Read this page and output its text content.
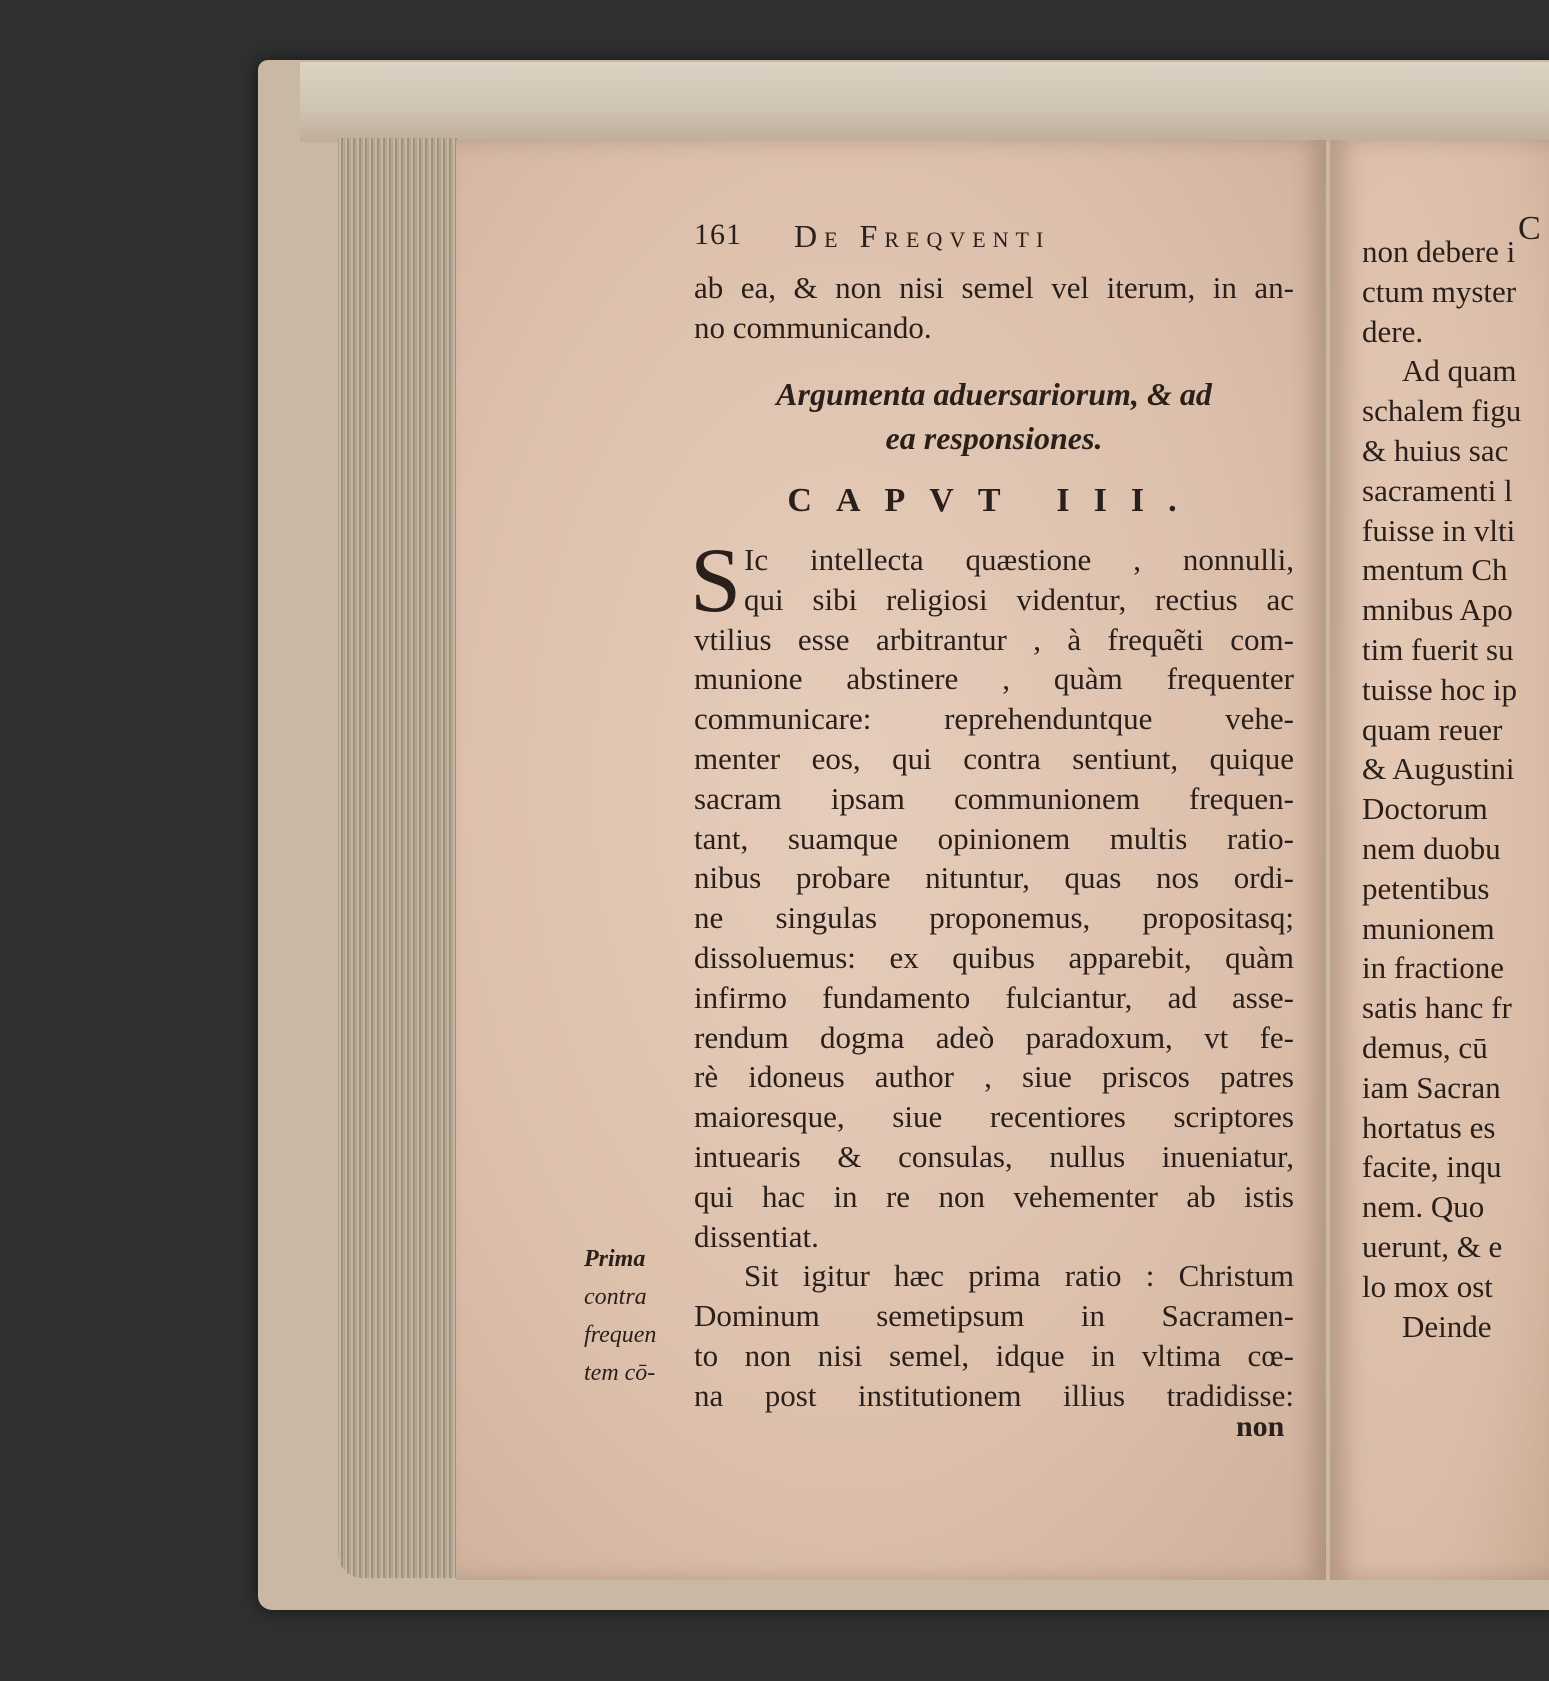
161 De Freqventi
ab ea, & non nisi semel vel iterum, in an-
no communicando.
Argumenta aduersariorum, & ad
ea responsiones.
CAPVT III.
S Ic intellecta quæstione , nonnulli,
qui sibi religiosi videntur, rectius ac
vtilius esse arbitrantur , à frequẽti com-
munione abstinere , quàm frequenter
communicare: reprehenduntque vehe-
menter eos, qui contra sentiunt, quique
sacram ipsam communionem frequen-
tant, suamque opinionem multis ratio-
nibus probare nituntur, quas nos ordi-
ne singulas proponemus, propositasq;
dissoluemus: ex quibus apparebit, quàm
infirmo fundamento fulciantur, ad asse-
rendum dogma adeò paradoxum, vt fe-
rè idoneus author , siue priscos patres
maioresque, siue recentiores scriptores
intuearis & consulas, nullus inueniatur,
qui hac in re non vehementer ab istis
dissentiat.
Sit igitur hæc prima ratio : Christum
Dominum semetipsum in Sacramen-
to non nisi semel, idque in vltima cœ-
na post institutionem illius tradidisse:
Prima
contra
frequen
tem cō-
non
C
non debere i
ctum myster
dere.
Ad quam
schalem figu
& huius sac
sacramenti l
fuisse in vlti
mentum Ch
mnibus Apo
tim fuerit su
tuisse hoc ip
quam reuer
& Augustini
Doctorum
nem duobu
petentibus
munionem
in fractione
satis hanc fr
demus, cū
iam Sacran
hortatus es
facite, inqu
nem. Quo
uerunt, & e
lo mox ost
Deinde
